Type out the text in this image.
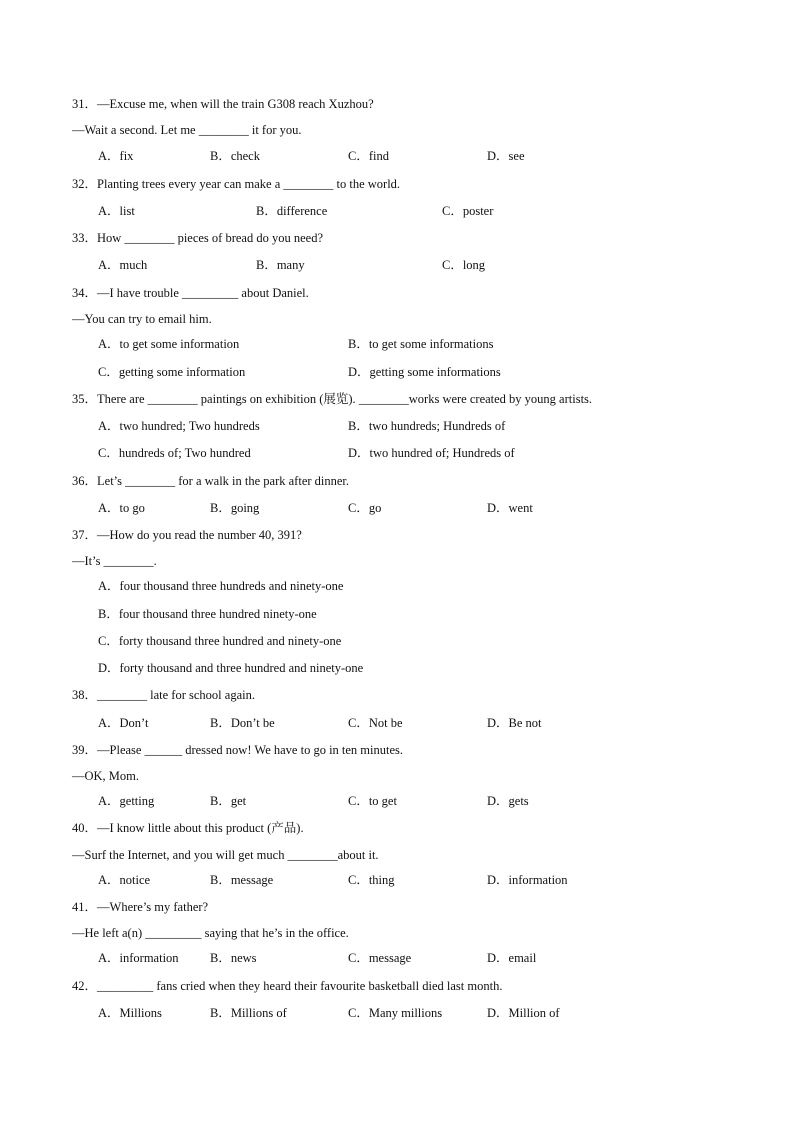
31．—Excuse me, when will the train G308 reach Xuzhou?
—Wait a second. Let me ________ it for you.
A．fix	B．check	C．find	D．see
32．Planting trees every year can make a ________ to the world.
A．list	B．difference	C．poster
33．How ________ pieces of bread do you need?
A．much	B．many	C．long
34．—I have trouble _________ about Daniel.
—You can try to email him.
A．to get some information	B．to get some informations
C．getting some information	D．getting some informations
35．There are ________ paintings on exhibition (展览). ________works were created by young artists.
A．two hundred; Two hundreds	B．two hundreds; Hundreds of
C．hundreds of; Two hundred	D．two hundred of; Hundreds of
36．Let’s ________ for a walk in the park after dinner.
A．to go	B．going	C．go	D．went
37．—How do you read the number 40, 391?
—It’s ________.
A．four thousand three hundreds and ninety-one
B．four thousand three hundred ninety-one
C．forty thousand three hundred and ninety-one
D．forty thousand and three hundred and ninety-one
38．________ late for school again.
A．Don’t	B．Don’t be	C．Not be	D．Be not
39．—Please ______ dressed now! We have to go in ten minutes.
—OK, Mom.
A．getting	B．get	C．to get	D．gets
40．—I know little about this product (产品).
—Surf the Internet, and you will get much ________about it.
A．notice	B．message	C．thing	D．information
41．—Where’s my father?
—He left a(n) _________ saying that he’s in the office.
A．information	B．news	C．message	D．email
42．_________ fans cried when they heard their favourite basketball died last month.
A．Millions	B．Millions of	C．Many millions	D．Million of
